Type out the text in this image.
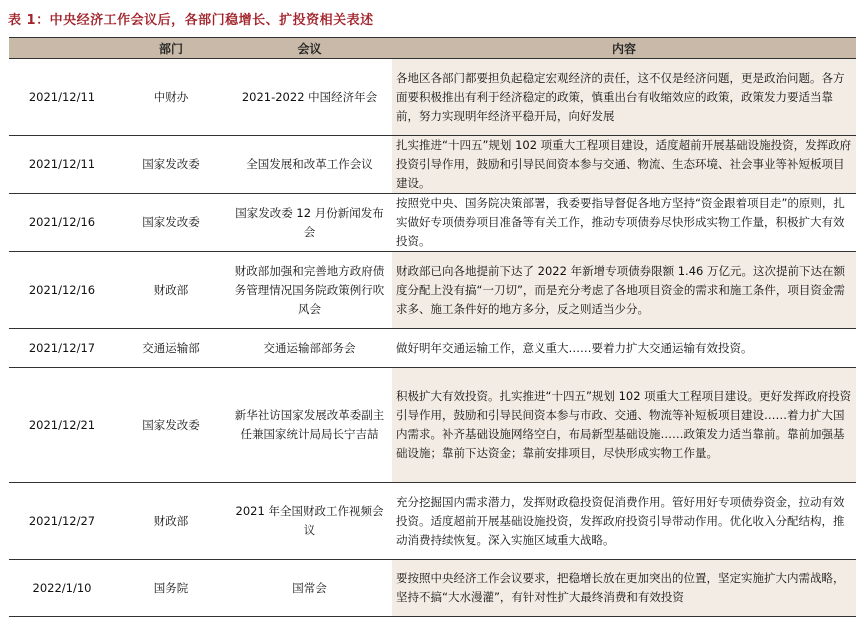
表 1：中央经济工作会议后，各部门稳增长、扩投资相关表述
	部门	会议	内容
2021/12/11	中财办	2021-2022 中国经济年会	各地区各部门都要担负起稳定宏观经济的责任，这不仅是经济问题，更是政治问题。各方面要积极推出有利于经济稳定的政策，慎重出台有收缩效应的政策，政策发力要适当靠前，努力实现明年经济平稳开局，向好发展
2021/12/11	国家发改委	全国发展和改革工作会议	扎实推进“十四五”规划 102 项重大工程项目建设，适度超前开展基础设施投资，发挥政府投资引导作用，鼓励和引导民间资本参与交通、物流、生态环境、社会事业等补短板项目建设。
2021/12/16	国家发改委	国家发改委 12 月份新闻发布会	按照党中央、国务院决策部署，我委要指导督促各地方坚持“资金跟着项目走”的原则，扎实做好专项债券项目准备等有关工作，推动专项债券尽快形成实物工作量，积极扩大有效投资。
2021/12/16	财政部	财政部加强和完善地方政府债务管理情况国务院政策例行吹风会	财政部已向各地提前下达了 2022 年新增专项债券限额 1.46 万亿元。这次提前下达在额度分配上没有搞“一刀切”，而是充分考虑了各地项目资金的需求和施工条件，项目资金需求多、施工条件好的地方多分，反之则适当少分。
2021/12/17	交通运输部	交通运输部部务会	做好明年交通运输工作，意义重大……要着力扩大交通运输有效投资。
2021/12/21	国家发改委	新华社访国家发展改革委副主任兼国家统计局局长宁吉喆	积极扩大有效投资。扎实推进“十四五”规划 102 项重大工程项目建设。更好发挥政府投资引导作用，鼓励和引导民间资本参与市政、交通、物流等补短板项目建设……着力扩大国内需求。补齐基础设施网络空白，布局新型基础设施……政策发力适当靠前。靠前加强基础设施；靠前下达资金；靠前安排项目，尽快形成实物工作量。
2021/12/27	财政部	2021 年全国财政工作视频会议	充分挖掘国内需求潜力，发挥财政稳投资促消费作用。管好用好专项债券资金，拉动有效投资。适度超前开展基础设施投资，发挥政府投资引导带动作用。优化收入分配结构，推动消费持续恢复。深入实施区域重大战略。
2022/1/10	国务院	国常会	要按照中央经济工作会议要求，把稳增长放在更加突出的位置，坚定实施扩大内需战略，坚持不搞“大水漫灌”，有针对性扩大最终消费和有效投资
